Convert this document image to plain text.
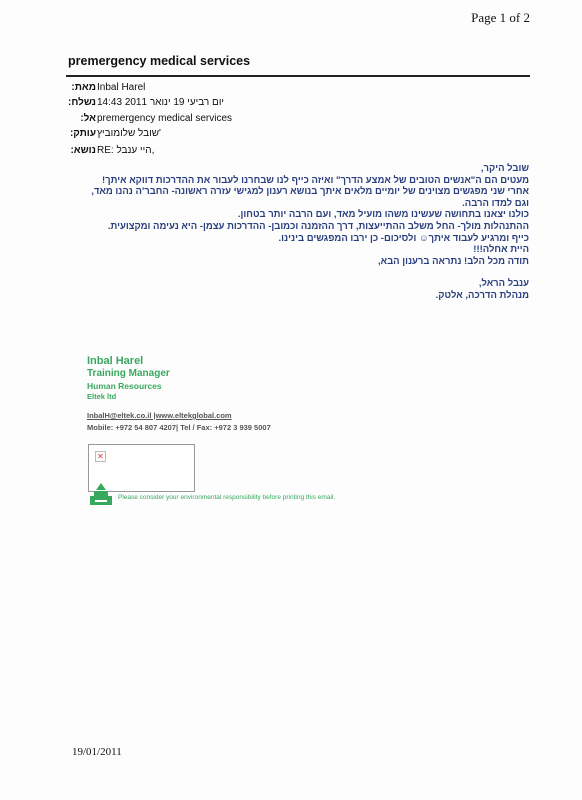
Page 1 of 2
premergency medical services
מאת: Inbal Harel
נשלח: יום רביעי 19 ינואר 2011 14:43
אל: premergency medical services
עותק: 'שובל שלומוביץ
נושא: RE: היי ענבל,

שובל היקר,

מעטים הם ה"אנשים הטובים של אמצע הדרך" ואיזה כייף לנו שבחרנו לעבור את ההדרכות דווקא איתך!

אחרי שני מפגשים מצוינים של יומיים מלאים איתך בנושא רענון למגישי עזרה ראשונה- החבר'ה נהנו מאד,

וגם למדו הרבה.

כולנו יצאנו בתחושה שעשינו משהו מועיל מאד, ועם הרבה יותר בטחון.

ההתנהלות מולך- החל משלב ההתייעצות, דרך ההזמנה וכמובן- ההדרכות עצמן- היא נעימה ומקצועית.

כייף ומרגיע לעבוד איתך☺ ולסיכום- כן ירבו המפגשים בינינו.

היית אחלה!!!

תודה מכל הלב! נתראה ברענון הבא,

ענבל הראל,

מנהלת הדרכה, אלטק.

Inbal Harel
Training Manager
Human Resources
Eltek ltd
InbalH@eltek.co.il |www.eltekglobal.com
Mobile: +972 54 807 4207| Tel / Fax: +972 3 939 5007
✕
Please consider your environmental responsibility before printing this email.
19/01/2011
